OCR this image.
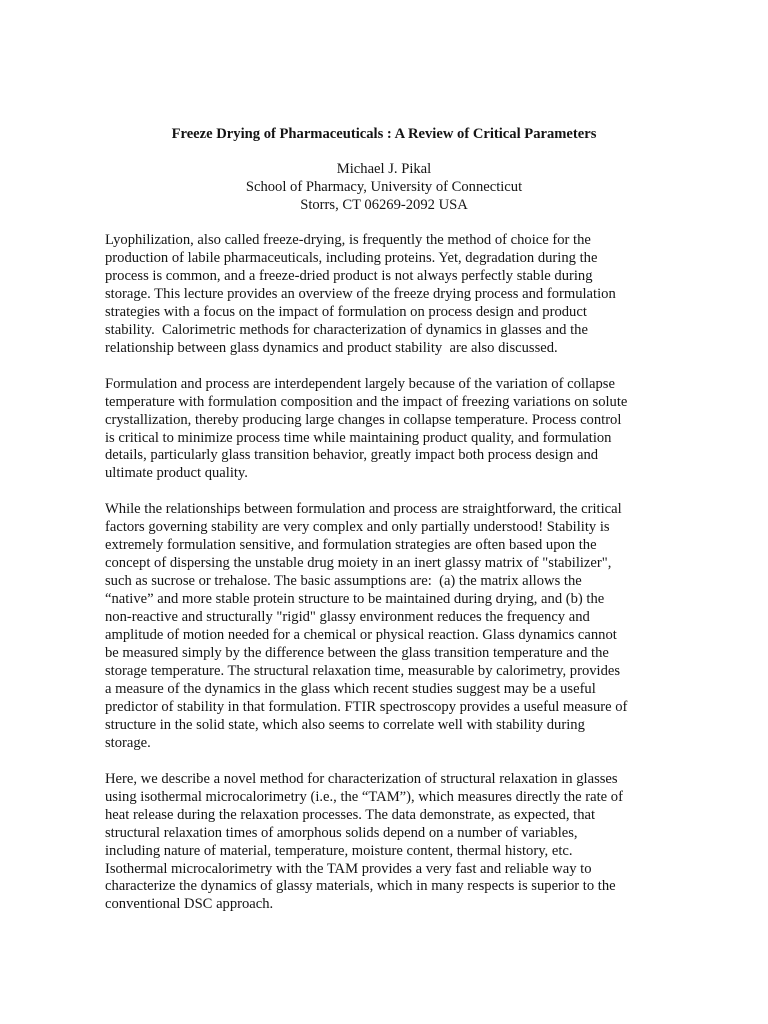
Freeze Drying of Pharmaceuticals : A Review of Critical Parameters
Michael J. Pikal
School of Pharmacy, University of Connecticut
Storrs, CT 06269-2092 USA

Lyophilization, also called freeze-drying, is frequently the method of choice for the
production of labile pharmaceuticals, including proteins. Yet, degradation during the
process is common, and a freeze-dried product is not always perfectly stable during
storage. This lecture provides an overview of the freeze drying process and formulation
strategies with a focus on the impact of formulation on process design and product
stability.  Calorimetric methods for characterization of dynamics in glasses and the
relationship between glass dynamics and product stability  are also discussed.

Formulation and process are interdependent largely because of the variation of collapse
temperature with formulation composition and the impact of freezing variations on solute
crystallization, thereby producing large changes in collapse temperature. Process control
is critical to minimize process time while maintaining product quality, and formulation
details, particularly glass transition behavior, greatly impact both process design and
ultimate product quality.

While the relationships between formulation and process are straightforward, the critical
factors governing stability are very complex and only partially understood! Stability is
extremely formulation sensitive, and formulation strategies are often based upon the
concept of dispersing the unstable drug moiety in an inert glassy matrix of "stabilizer",
such as sucrose or trehalose. The basic assumptions are:  (a) the matrix allows the
“native” and more stable protein structure to be maintained during drying, and (b) the
non-reactive and structurally "rigid" glassy environment reduces the frequency and
amplitude of motion needed for a chemical or physical reaction. Glass dynamics cannot
be measured simply by the difference between the glass transition temperature and the
storage temperature. The structural relaxation time, measurable by calorimetry, provides
a measure of the dynamics in the glass which recent studies suggest may be a useful
predictor of stability in that formulation. FTIR spectroscopy provides a useful measure of
structure in the solid state, which also seems to correlate well with stability during
storage.

Here, we describe a novel method for characterization of structural relaxation in glasses
using isothermal microcalorimetry (i.e., the “TAM”), which measures directly the rate of
heat release during the relaxation processes. The data demonstrate, as expected, that
structural relaxation times of amorphous solids depend on a number of variables,
including nature of material, temperature, moisture content, thermal history, etc.
Isothermal microcalorimetry with the TAM provides a very fast and reliable way to
characterize the dynamics of glassy materials, which in many respects is superior to the
conventional DSC approach.
